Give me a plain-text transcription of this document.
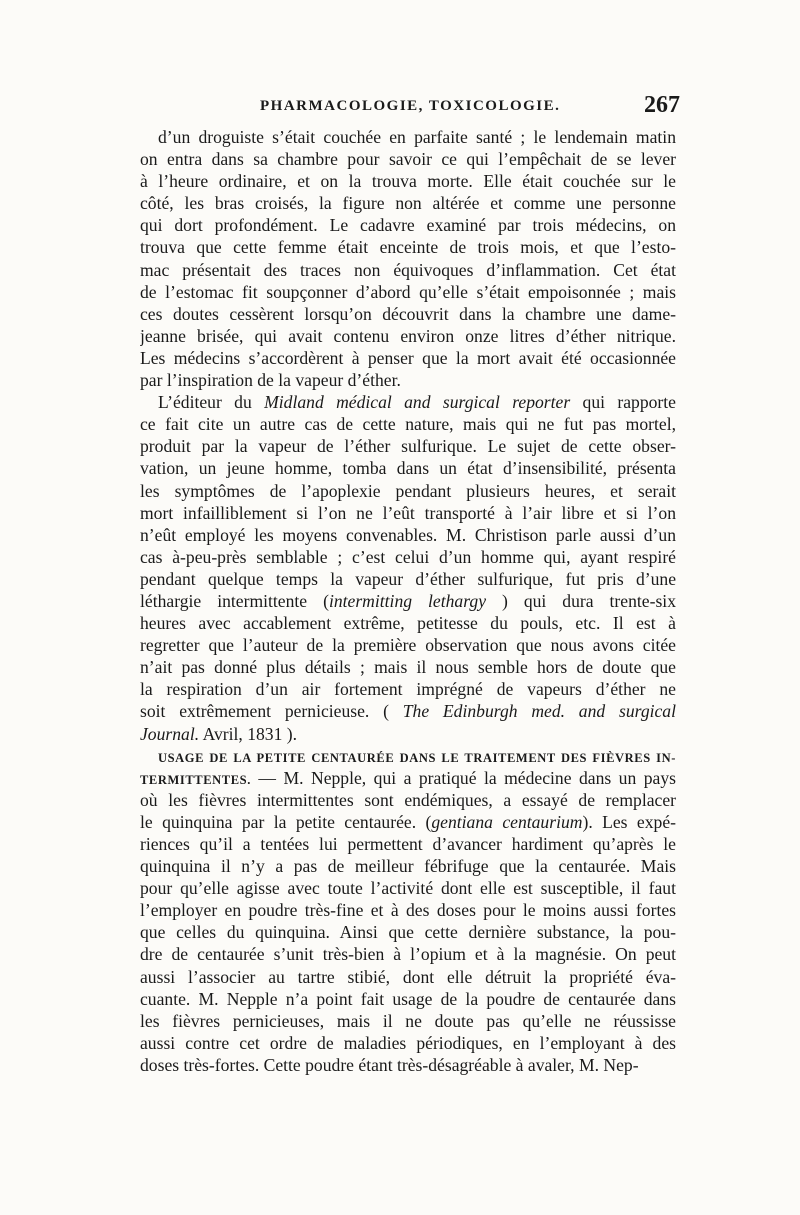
PHARMACOLOGIE, TOXICOLOGIE.	267
d’un droguiste s’était couchée en parfaite santé ; le lendemain matin
on entra dans sa chambre pour savoir ce qui l’empêchait de se lever
à l’heure ordinaire, et on la trouva morte. Elle était couchée sur le
côté, les bras croisés, la figure non altérée et comme une personne
qui dort profondément. Le cadavre examiné par trois médecins, on
trouva que cette femme était enceinte de trois mois, et que l’esto-
mac présentait des traces non équivoques d’inflammation. Cet état
de l’estomac fit soupçonner d’abord qu’elle s’était empoisonnée ; mais
ces doutes cessèrent lorsqu’on découvrit dans la chambre une dame-
jeanne brisée, qui avait contenu environ onze litres d’éther nitrique.
Les médecins s’accordèrent à penser que la mort avait été occasionnée
par l’inspiration de la vapeur d’éther.
L’éditeur du Midland médical and surgical reporter qui rapporte
ce fait cite un autre cas de cette nature, mais qui ne fut pas mortel,
produit par la vapeur de l’éther sulfurique. Le sujet de cette obser-
vation, un jeune homme, tomba dans un état d’insensibilité, présenta
les symptômes de l’apoplexie pendant plusieurs heures, et serait
mort infailliblement si l’on ne l’eût transporté à l’air libre et si l’on
n’eût employé les moyens convenables. M. Christison parle aussi d’un
cas à-peu-près semblable ; c’est celui d’un homme qui, ayant respiré
pendant quelque temps la vapeur d’éther sulfurique, fut pris d’une
léthargie intermittente (intermitting lethargy ) qui dura trente-six
heures avec accablement extrême, petitesse du pouls, etc. Il est à
regretter que l’auteur de la première observation que nous avons citée
n’ait pas donné plus détails ; mais il nous semble hors de doute que
la respiration d’un air fortement imprégné de vapeurs d’éther ne
soit extrêmement pernicieuse. ( The Edinburgh med. and surgical
Journal. Avril, 1831 ).
USAGE DE LA PETITE CENTAURÉE DANS LE TRAITEMENT DES FIÈVRES IN-
TERMITTENTES. — M. Nepple, qui a pratiqué la médecine dans un pays
où les fièvres intermittentes sont endémiques, a essayé de remplacer
le quinquina par la petite centaurée. (gentiana centaurium). Les expé-
riences qu’il a tentées lui permettent d’avancer hardiment qu’après le
quinquina il n’y a pas de meilleur fébrifuge que la centaurée. Mais
pour qu’elle agisse avec toute l’activité dont elle est susceptible, il faut
l’employer en poudre très-fine et à des doses pour le moins aussi fortes
que celles du quinquina. Ainsi que cette dernière substance, la pou-
dre de centaurée s’unit très-bien à l’opium et à la magnésie. On peut
aussi l’associer au tartre stibié, dont elle détruit la propriété éva-
cuante. M. Nepple n’a point fait usage de la poudre de centaurée dans
les fièvres pernicieuses, mais il ne doute pas qu’elle ne réussisse
aussi contre cet ordre de maladies périodiques, en l’employant à des
doses très-fortes. Cette poudre étant très-désagréable à avaler, M. Nep-
